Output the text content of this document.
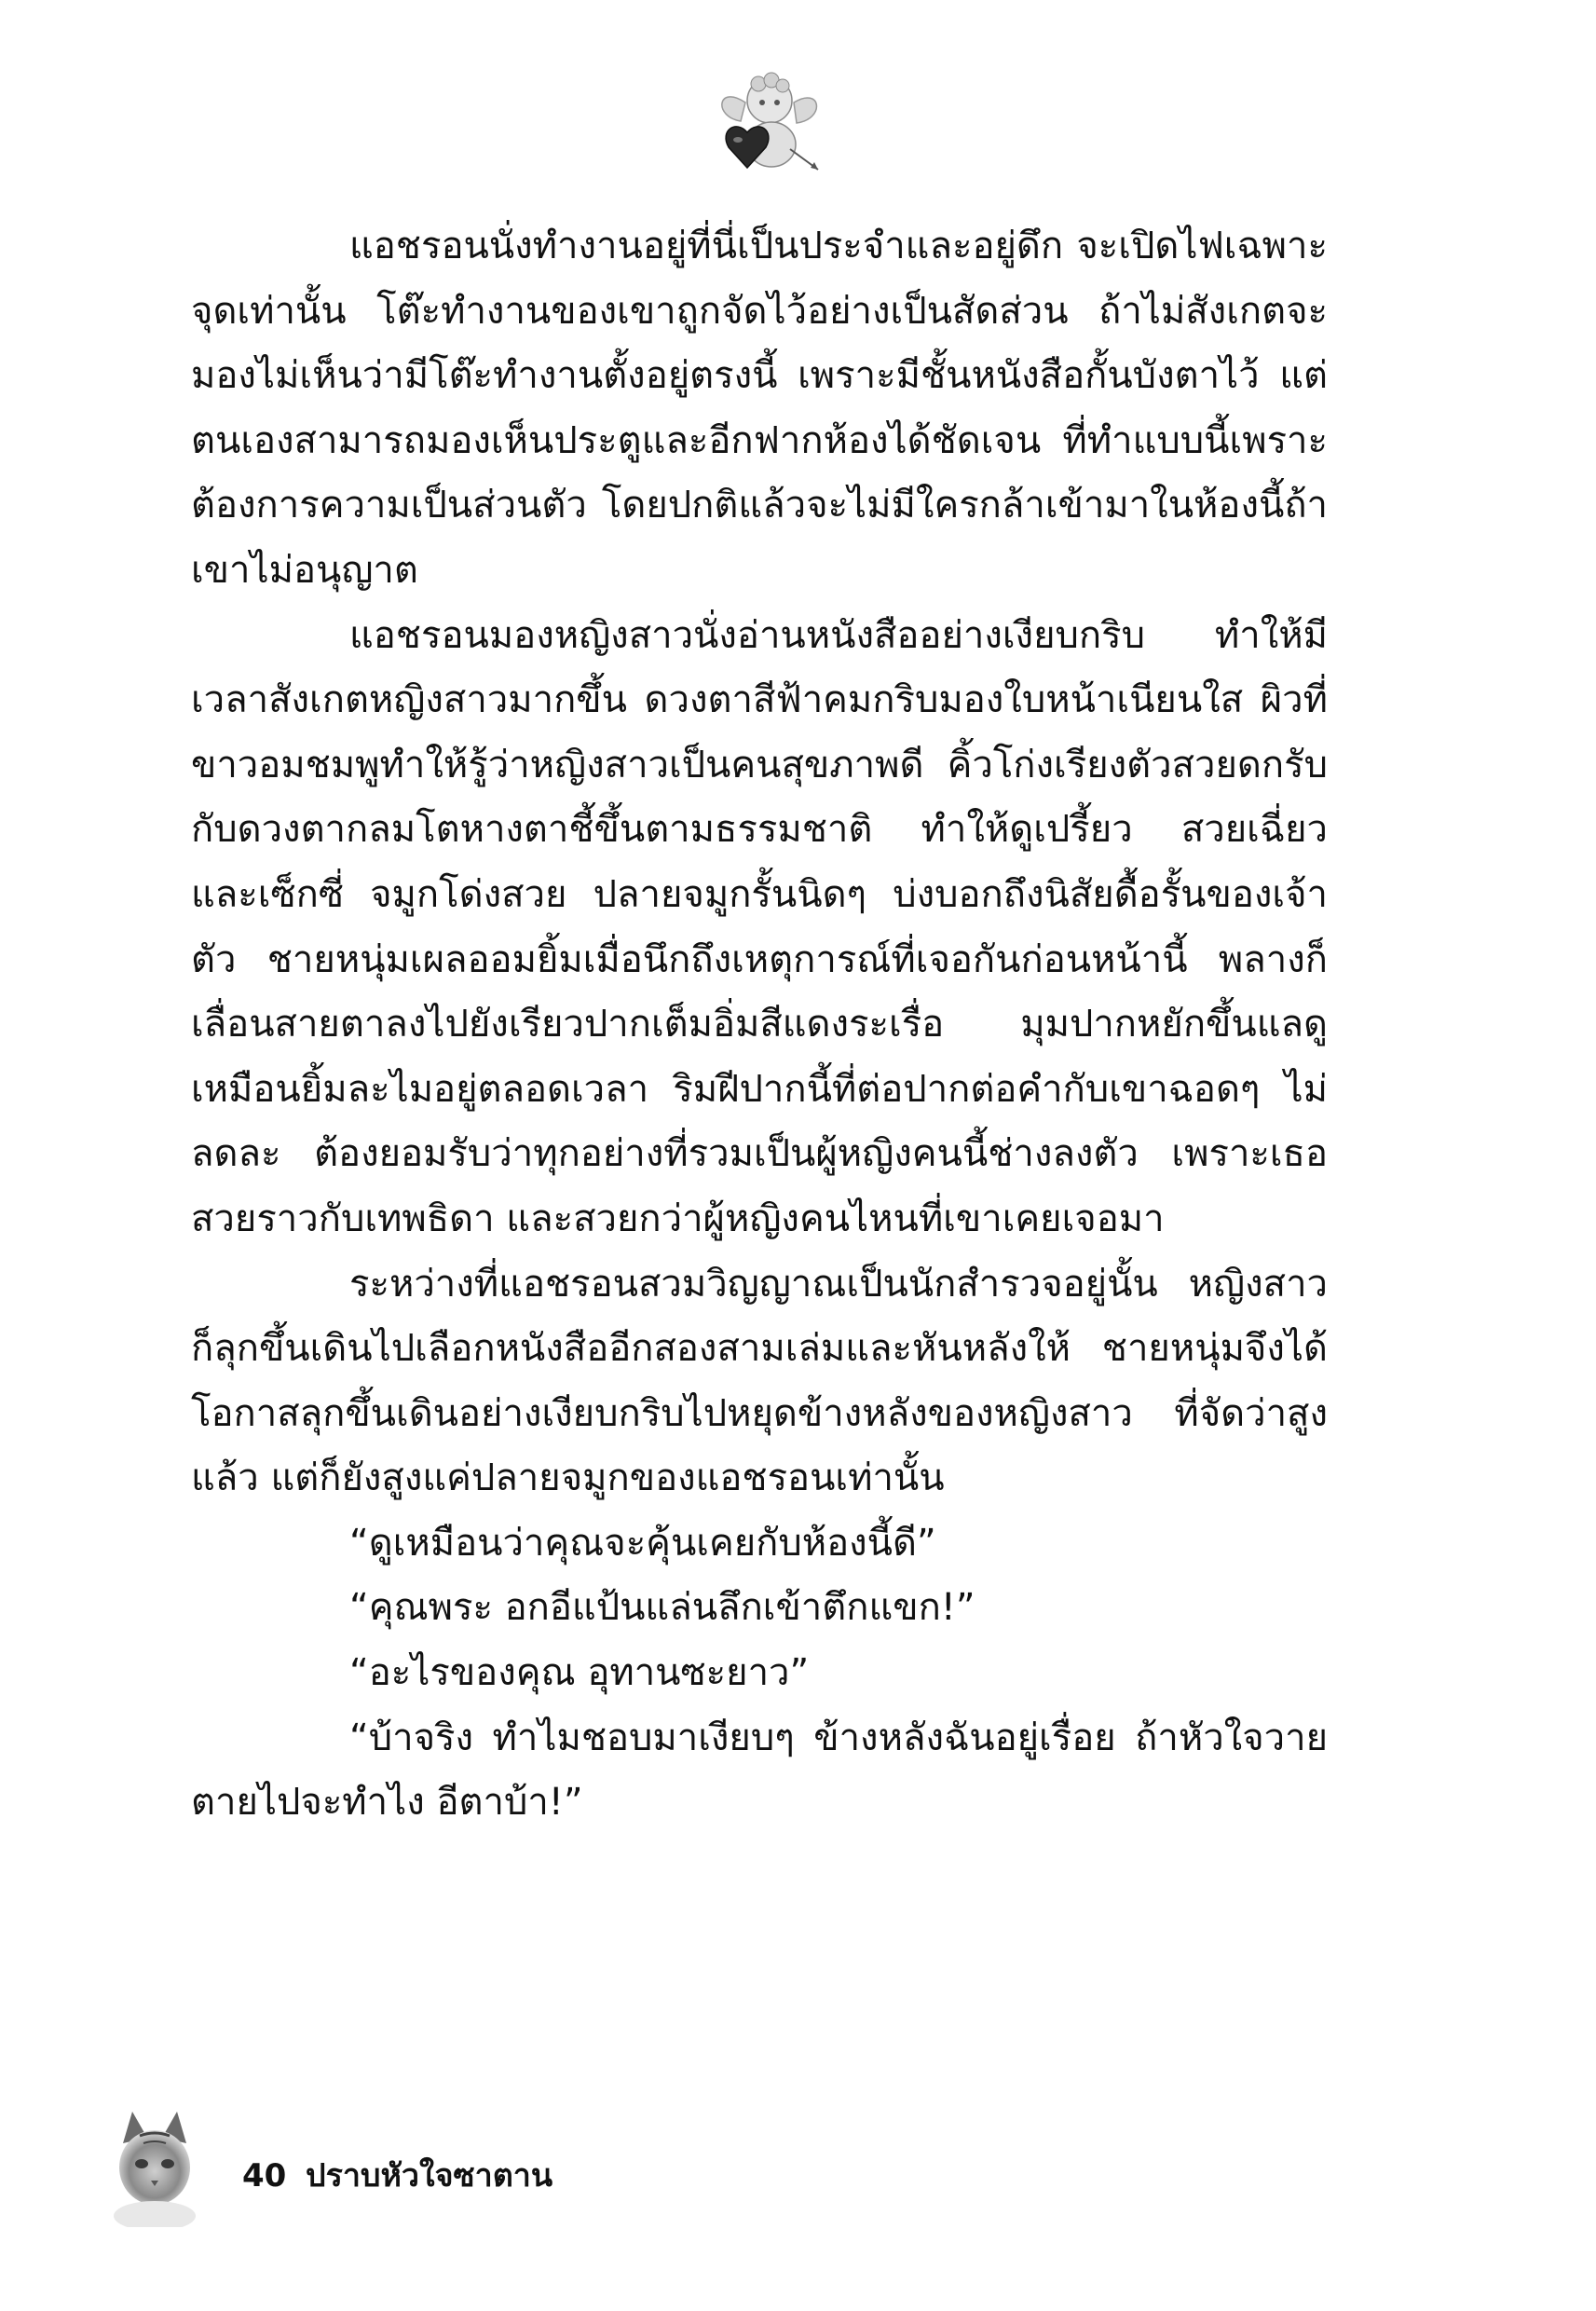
แอชรอนนั่งทำงานอยู่ที่นี่เป็นประจำและอยู่ดึก จะเปิดไฟเฉพาะจุดเท่านั้น โต๊ะทำงานของเขาถูกจัดไว้อย่างเป็นสัดส่วน ถ้าไม่สังเกตจะมองไม่เห็นว่ามีโต๊ะทำงานตั้งอยู่ตรงนี้ เพราะมีชั้นหนังสือกั้นบังตาไว้ แต่ตนเองสามารถมองเห็นประตูและอีกฟากห้องได้ชัดเจน ที่ทำแบบนี้เพราะต้องการความเป็นส่วนตัว โดยปกติแล้วจะไม่มีใครกล้าเข้ามาในห้องนี้ถ้าเขาไม่อนุญาต

แอชรอนมองหญิงสาวนั่งอ่านหนังสืออย่างเงียบกริบ ทำให้มีเวลาสังเกตหญิงสาวมากขึ้น ดวงตาสีฟ้าคมกริบมองใบหน้าเนียนใส ผิวที่ขาวอมชมพูทำให้รู้ว่าหญิงสาวเป็นคนสุขภาพดี คิ้วโก่งเรียงตัวสวยดกรับกับดวงตากลมโตหางตาชี้ขึ้นตามธรรมชาติ ทำให้ดูเปรี้ยว สวยเฉี่ยว และเซ็กซี่ จมูกโด่งสวย ปลายจมูกรั้นนิดๆ บ่งบอกถึงนิสัยดื้อรั้นของเจ้าตัว ชายหนุ่มเผลออมยิ้มเมื่อนึกถึงเหตุการณ์ที่เจอกันก่อนหน้านี้ พลางก็เลื่อนสายตาลงไปยังเรียวปากเต็มอิ่มสีแดงระเรื่อ มุมปากหยักขึ้นแลดูเหมือนยิ้มละไมอยู่ตลอดเวลา ริมฝีปากนี้ที่ต่อปากต่อคำกับเขาฉอดๆ ไม่ลดละ ต้องยอมรับว่าทุกอย่างที่รวมเป็นผู้หญิงคนนี้ช่างลงตัว เพราะเธอสวยราวกับเทพธิดา และสวยกว่าผู้หญิงคนไหนที่เขาเคยเจอมา

ระหว่างที่แอชรอนสวมวิญญาณเป็นนักสำรวจอยู่นั้น หญิงสาวก็ลุกขึ้นเดินไปเลือกหนังสืออีกสองสามเล่มและหันหลังให้ ชายหนุ่มจึงได้โอกาสลุกขึ้นเดินอย่างเงียบกริบไปหยุดข้างหลังของหญิงสาว ที่จัดว่าสูงแล้ว แต่ก็ยังสูงแค่ปลายจมูกของแอชรอนเท่านั้น

“ดูเหมือนว่าคุณจะคุ้นเคยกับห้องนี้ดี”

“คุณพระ อกอีแป้นแล่นลึกเข้าตึกแขก!”

“อะไรของคุณ อุทานซะยาว”

“บ้าจริง ทำไมชอบมาเงียบๆ ข้างหลังฉันอยู่เรื่อย ถ้าหัวใจวายตายไปจะทำไง อีตาบ้า!”

40 ปราบหัวใจซาตาน
